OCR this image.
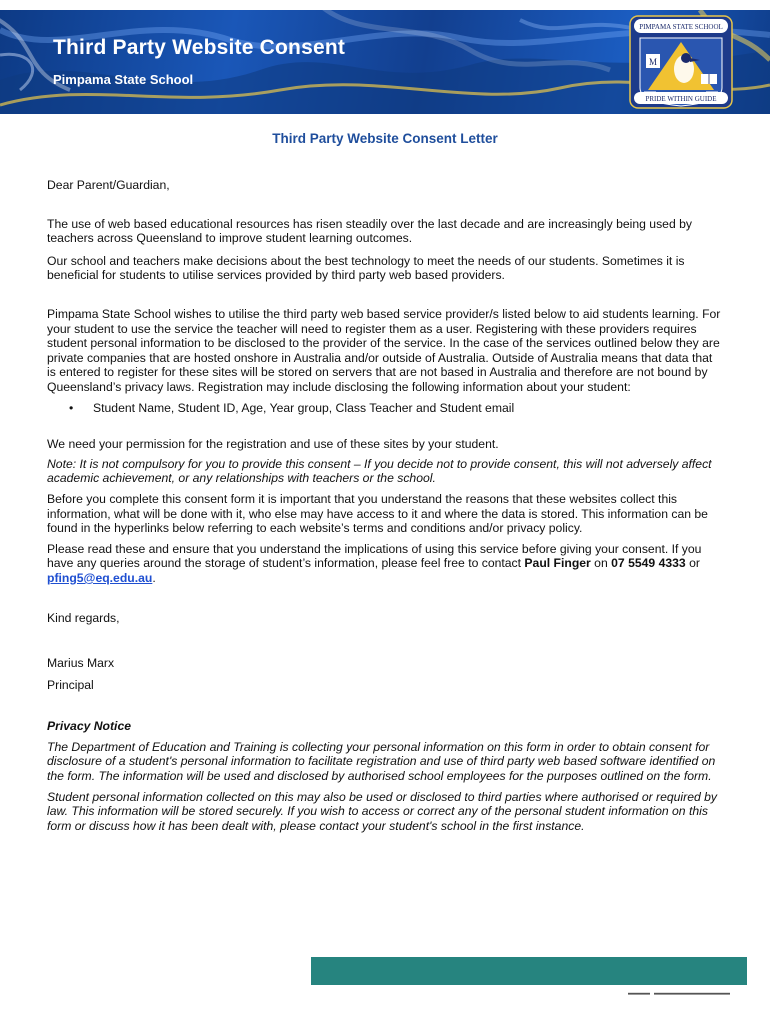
Third Party Website Consent
Pimpama State School
PIMPAMA STATE SCHOOL
M
PRIDE WITHIN GUIDE
Third Party Website Consent Letter

Dear Parent/Guardian,

The use of web based educational resources has risen steadily over the last decade and are increasingly being used by teachers across Queensland to improve student learning outcomes.

Our school and teachers make decisions about the best technology to meet the needs of our students. Sometimes it is beneficial for students to utilise services provided by third party web based providers.

Pimpama State School wishes to utilise the third party web based service provider/s listed below to aid students learning. For your student to use the service the teacher will need to register them as a user. Registering with these providers requires student personal information to be disclosed to the provider of the service. In the case of the services outlined below they are private companies that are hosted onshore in Australia and/or outside of Australia. Outside of Australia means that data that is entered to register for these sites will be stored on servers that are not based in Australia and therefore are not bound by Queensland’s privacy laws. Registration may include disclosing the following information about your student:

•	Student Name, Student ID, Age, Year group, Class Teacher and Student email

We need your permission for the registration and use of these sites by your student.

Note: It is not compulsory for you to provide this consent – If you decide not to provide consent, this will not adversely affect academic achievement, or any relationships with teachers or the school.

Before you complete this consent form it is important that you understand the reasons that these websites collect this information, what will be done with it, who else may have access to it and where the data is stored. This information can be found in the hyperlinks below referring to each website’s terms and conditions and/or privacy policy.

Please read these and ensure that you understand the implications of using this service before giving your consent. If you have any queries around the storage of student’s information, please feel free to contact Paul Finger on 07 5549 4333 or pfing5@eq.edu.au.

Kind regards,

Marius Marx

Principal

Privacy Notice

The Department of Education and Training is collecting your personal information on this form in order to obtain consent for disclosure of a student's personal information to facilitate registration and use of third party web based software identified on the form. The information will be used and disclosed by authorised school employees for the purposes outlined on the form.

Student personal information collected on this may also be used or disclosed to third parties where authorised or required by law. This information will be stored securely. If you wish to access or correct any of the personal student information on this form or discuss how it has been dealt with, please contact your student's school in the first instance.
